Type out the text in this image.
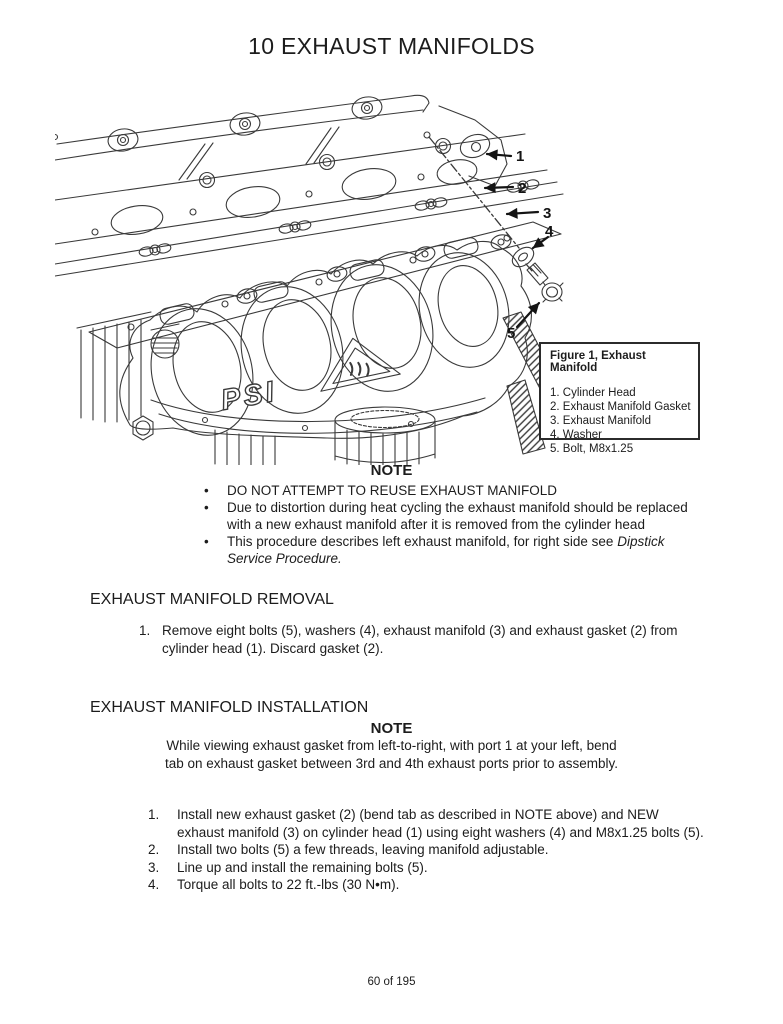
10 EXHAUST MANIFOLDS
1
2
3
4
5
PSI
Figure 1, Exhaust Manifold
1. Cylinder Head
2. Exhaust Manifold Gasket
3. Exhaust Manifold
4. Washer
5. Bolt, M8x1.25
NOTE
• DO NOT ATTEMPT TO REUSE EXHAUST MANIFOLD
• Due to distortion during heat cycling the exhaust manifold should be replaced with a new exhaust manifold after it is removed from the cylinder head
• This procedure describes left exhaust manifold, for right side see Dipstick Service Procedure.
EXHAUST MANIFOLD REMOVAL
Remove eight bolts (5), washers (4), exhaust manifold (3) and exhaust gasket (2) from cylinder head (1). Discard gasket (2).
EXHAUST MANIFOLD INSTALLATION
NOTE
While viewing exhaust gasket from left-to-right, with port 1 at your left, bend
tab on exhaust gasket between 3rd and 4th exhaust ports prior to assembly.
Install new exhaust gasket (2) (bend tab as described in NOTE above) and NEW exhaust manifold (3) on cylinder head (1) using eight washers (4) and M8x1.25 bolts (5).
Install two bolts (5) a few threads, leaving manifold adjustable.
Line up and install the remaining bolts (5).
Torque all bolts to 22 ft.-lbs (30 N•m).
60 of 195
